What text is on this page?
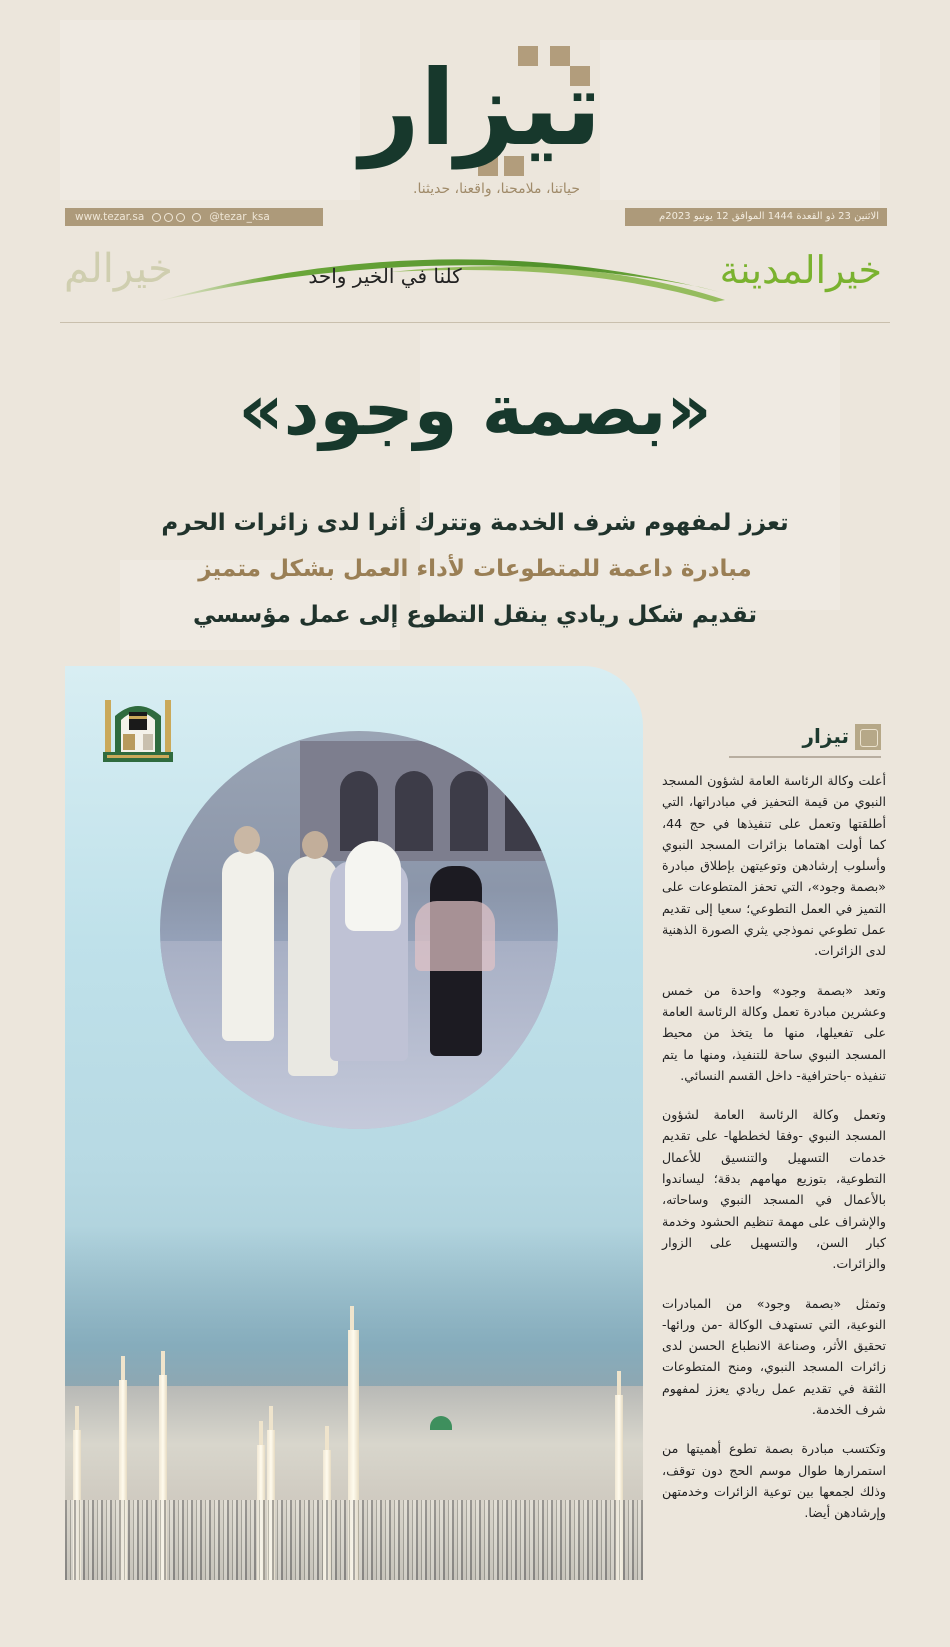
تيزار
حياتنا، ملامحنا، واقعنا، حديثنا.
www.tezar.sa	@tezar_ksa	الاثنين 23 ذو القعدة 1444 الموافق 12 يونيو 2023م
خيرالم	كلنا في الخير واحد	خيرالمدينة
«بصمة وجود»
تعزز لمفهوم شرف الخدمة وتترك أثرا لدى زائرات الحرم
مبادرة داعمة للمتطوعات لأداء العمل بشكل متميز
تقديم شكل ريادي ينقل التطوع إلى عمل مؤسسي
تيزار

أعلت وكالة الرئاسة العامة لشؤون المسجد النبوي من قيمة التحفيز في مبادراتها، التي أطلقتها وتعمل على تنفيذها في حج 44، كما أولت اهتماما بزائرات المسجد النبوي وأسلوب إرشادهن وتوعيتهن بإطلاق مبادرة «بصمة وجود»، التي تحفز المتطوعات على التميز في العمل التطوعي؛ سعيا إلى تقديم عمل تطوعي نموذجي يثري الصورة الذهنية لدى الزائرات.

وتعد «بصمة وجود» واحدة من خمس وعشرين مبادرة تعمل وكالة الرئاسة العامة على تفعيلها، منها ما يتخذ من محيط المسجد النبوي ساحة للتنفيذ، ومنها ما يتم تنفيذه -باحترافية- داخل القسم النسائي.

وتعمل وكالة الرئاسة العامة لشؤون المسجد النبوي -وفقا لخططها- على تقديم خدمات التسهيل والتنسيق للأعمال التطوعية، بتوزيع مهامهم بدقة؛ ليساندوا بالأعمال في المسجد النبوي وساحاته، والإشراف على مهمة تنظيم الحشود وخدمة كبار السن، والتسهيل على الزوار والزائرات.

وتمثل «بصمة وجود» من المبادرات النوعية، التي تستهدف الوكالة -من ورائها- تحقيق الأثر، وصناعة الانطباع الحسن لدى زائرات المسجد النبوي، ومنح المتطوعات الثقة في تقديم عمل ريادي يعزز لمفهوم شرف الخدمة.

وتكتسب مبادرة بصمة تطوع أهميتها من استمرارها طوال موسم الحج دون توقف، وذلك لجمعها بين توعية الزائرات وخدمتهن وإرشادهن أيضا.
